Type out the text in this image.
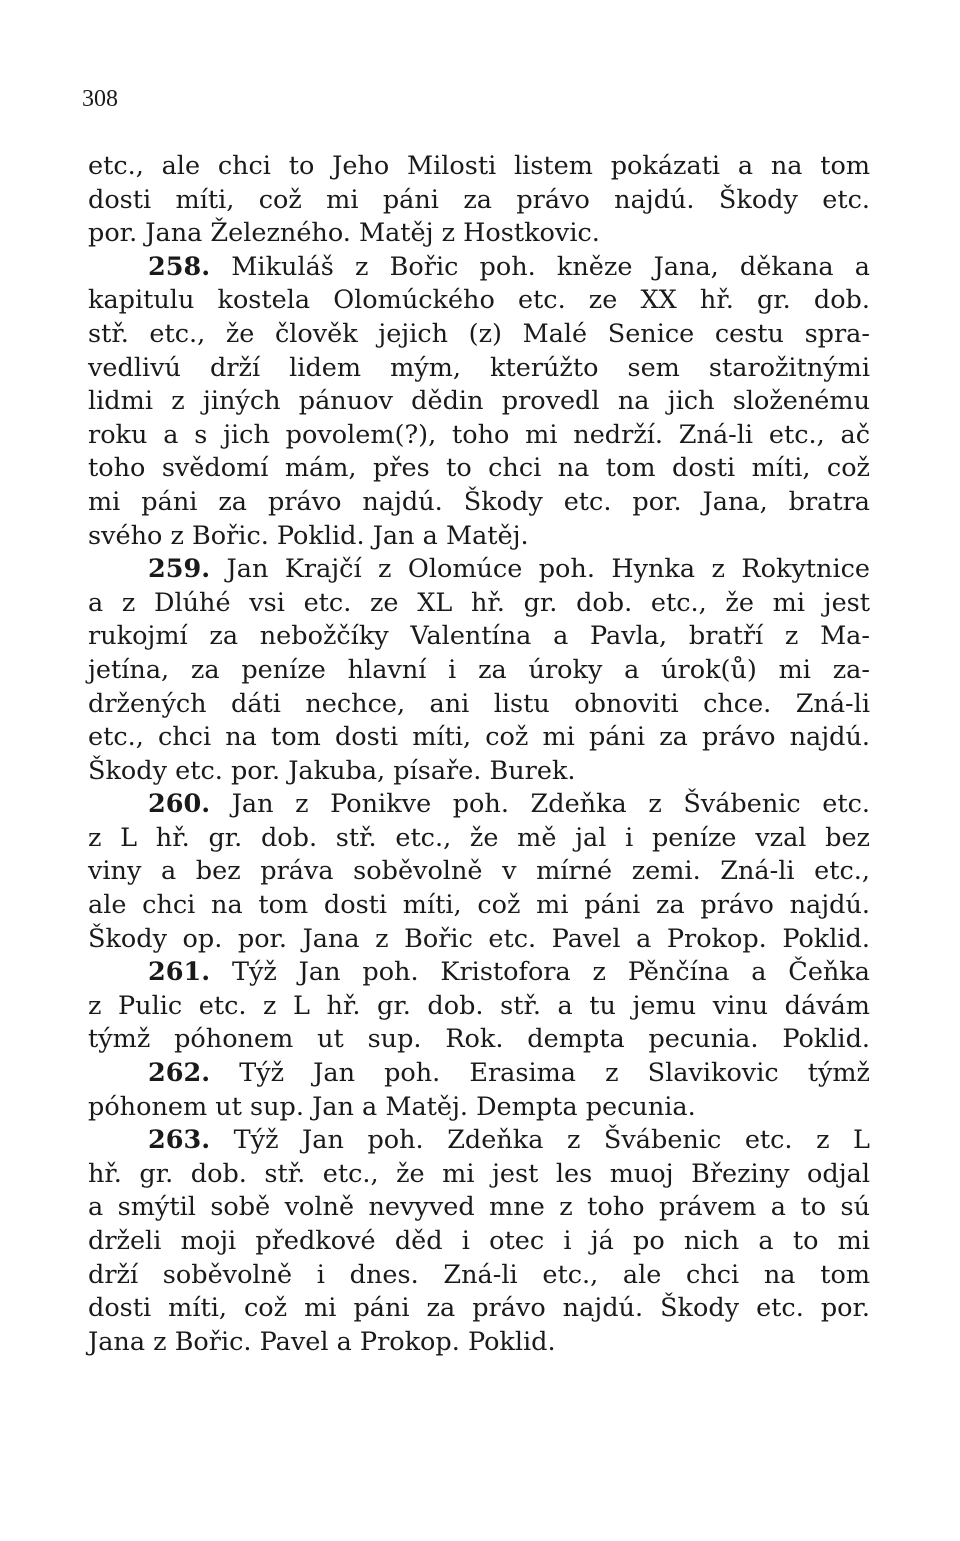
308
etc., ale chci to Jeho Milosti listem pokázati a na tom
dosti míti, což mi páni za právo najdú. Škody etc.
por. Jana Železného. Matěj z Hostkovic.
258. Mikuláš z Bořic poh. kněze Jana, děkana a
kapitulu kostela Olomúckého etc. ze XX hř. gr. dob.
stř. etc., že člověk jejich (z) Malé Senice cestu spra-
vedlivú drží lidem mým, kterúžto sem starožitnými
lidmi z jiných pánuov dědin provedl na jich složenému
roku a s jich povolem(?), toho mi nedrží. Zná-li etc., ač
toho svědomí mám, přes to chci na tom dosti míti, což
mi páni za právo najdú. Škody etc. por. Jana, bratra
svého z Bořic. Poklid. Jan a Matěj.
259. Jan Krajčí z Olomúce poh. Hynka z Rokytnice
a z Dlúhé vsi etc. ze XL hř. gr. dob. etc., že mi jest
rukojmí za nebožčíky Valentína a Pavla, bratří z Ma-
jetína, za peníze hlavní i za úroky a úrok(ů) mi za-
držených dáti nechce, ani listu obnoviti chce. Zná-li
etc., chci na tom dosti míti, což mi páni za právo najdú.
Škody etc. por. Jakuba, písaře. Burek.
260. Jan z Ponikve poh. Zdeňka z Švábenic etc.
z L hř. gr. dob. stř. etc., že mě jal i peníze vzal bez
viny a bez práva soběvolně v mírné zemi. Zná-li etc.,
ale chci na tom dosti míti, což mi páni za právo najdú.
Škody op. por. Jana z Bořic etc. Pavel a Prokop. Poklid.
261. Týž Jan poh. Kristofora z Pěnčína a Čeňka
z Pulic etc. z L hř. gr. dob. stř. a tu jemu vinu dávám
týmž póhonem ut sup. Rok. dempta pecunia. Poklid.
262. Týž Jan poh. Erasima z Slavikovic týmž
póhonem ut sup. Jan a Matěj. Dempta pecunia.
263. Týž Jan poh. Zdeňka z Švábenic etc. z L
hř. gr. dob. stř. etc., že mi jest les muoj Březiny odjal
a smýtil sobě volně nevyved mne z toho právem a to sú
drželi moji předkové děd i otec i já po nich a to mi
drží soběvolně i dnes. Zná-li etc., ale chci na tom
dosti míti, což mi páni za právo najdú. Škody etc. por.
Jana z Bořic. Pavel a Prokop. Poklid.
